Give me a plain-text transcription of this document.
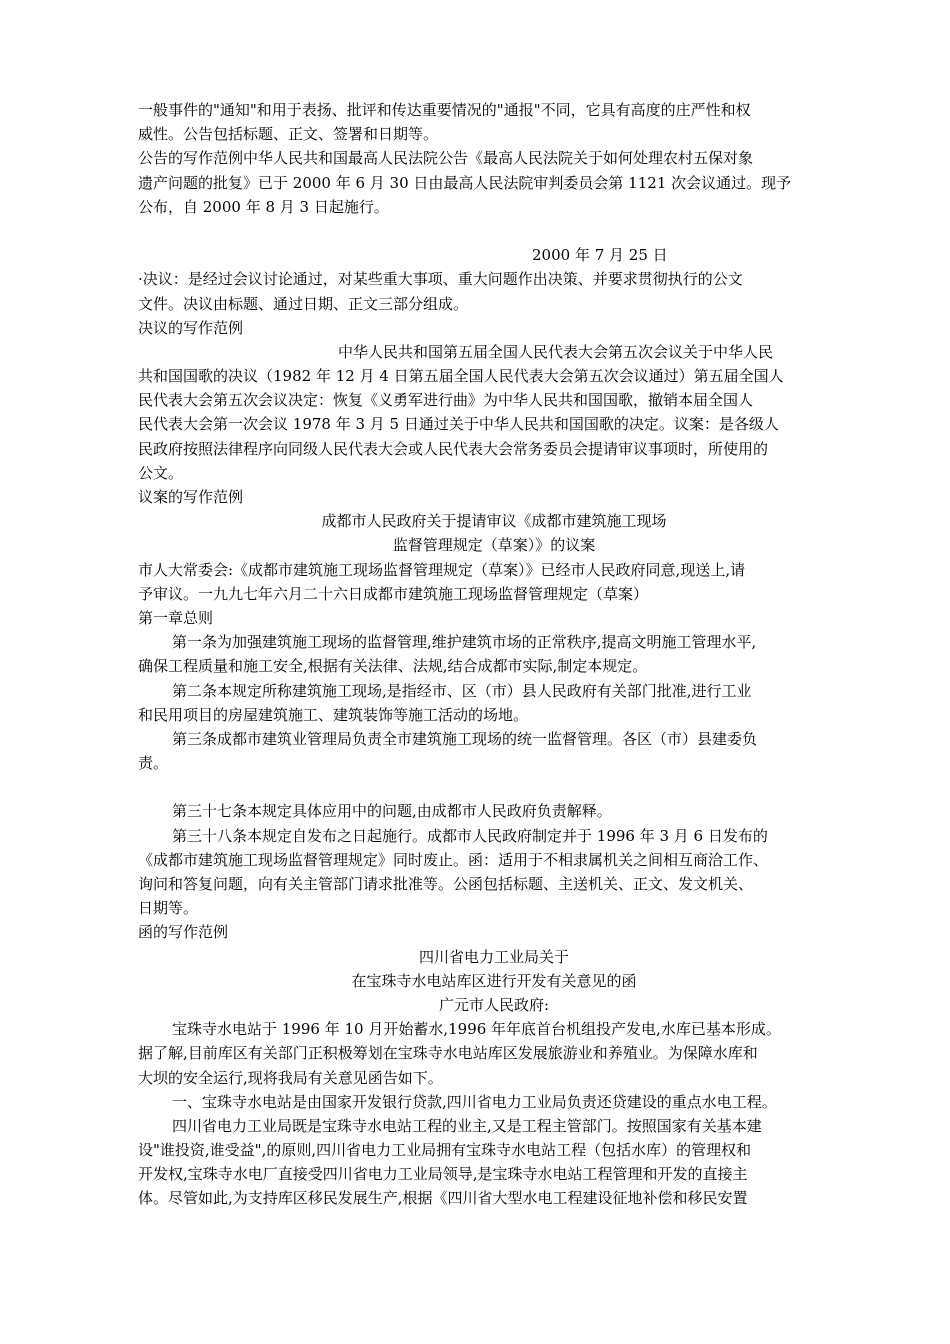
一般事件的"通知"和用于表扬、批评和传达重要情况的"通报"不同，它具有高度的庄严性和权
威性。公告包括标题、正文、签署和日期等。
公告的写作范例中华人民共和国最高人民法院公告《最高人民法院关于如何处理农村五保对象
遗产问题的批复》已于 2000 年 6 月 30 日由最高人民法院审判委员会第 1121 次会议通过。现予
公布，自 2000 年 8 月 3 日起施行。
2000 年 7 月 25 日
·决议：是经过会议讨论通过，对某些重大事项、重大问题作出决策、并要求贯彻执行的公文
文件。决议由标题、通过日期、正文三部分组成。
决议的写作范例
中华人民共和国第五届全国人民代表大会第五次会议关于中华人民
共和国国歌的决议（1982 年 12 月 4 日第五届全国人民代表大会第五次会议通过）第五届全国人
民代表大会第五次会议决定：恢复《义勇军进行曲》为中华人民共和国国歌，撤销本届全国人
民代表大会第一次会议 1978 年 3 月 5 日通过关于中华人民共和国国歌的决定。议案：是各级人
民政府按照法律程序向同级人民代表大会或人民代表大会常务委员会提请审议事项时，所使用的
公文。
议案的写作范例
成都市人民政府关于提请审议《成都市建筑施工现场
监督管理规定（草案）》的议案
市人大常委会:《成都市建筑施工现场监督管理规定（草案）》已经市人民政府同意,现送上,请
予审议。一九九七年六月二十六日成都市建筑施工现场监督管理规定（草案）
第一章总则
第一条为加强建筑施工现场的监督管理,维护建筑市场的正常秩序,提高文明施工管理水平,
确保工程质量和施工安全,根据有关法律、法规,结合成都市实际,制定本规定。
第二条本规定所称建筑施工现场,是指经市、区（市）县人民政府有关部门批准,进行工业
和民用项目的房屋建筑施工、建筑装饰等施工活动的场地。
第三条成都市建筑业管理局负责全市建筑施工现场的统一监督管理。各区（市）县建委负
责。
第三十七条本规定具体应用中的问题,由成都市人民政府负责解释。
第三十八条本规定自发布之日起施行。成都市人民政府制定并于 1996 年 3 月 6 日发布的
《成都市建筑施工现场监督管理规定》同时废止。函：适用于不相隶属机关之间相互商洽工作、
询问和答复问题，向有关主管部门请求批准等。公函包括标题、主送机关、正文、发文机关、
日期等。
函的写作范例
四川省电力工业局关于
在宝珠寺水电站库区进行开发有关意见的函
广元市人民政府:
宝珠寺水电站于 1996 年 10 月开始蓄水,1996 年年底首台机组投产发电,水库已基本形成。
据了解,目前库区有关部门正积极筹划在宝珠寺水电站库区发展旅游业和养殖业。为保障水库和
大坝的安全运行,现将我局有关意见函告如下。
一、宝珠寺水电站是由国家开发银行贷款,四川省电力工业局负责还贷建设的重点水电工程。
四川省电力工业局既是宝珠寺水电站工程的业主,又是工程主管部门。按照国家有关基本建
设"谁投资,谁受益",的原则,四川省电力工业局拥有宝珠寺水电站工程（包括水库）的管理权和
开发权,宝珠寺水电厂直接受四川省电力工业局领导,是宝珠寺水电站工程管理和开发的直接主
体。尽管如此,为支持库区移民发展生产,根据《四川省大型水电工程建设征地补偿和移民安置
